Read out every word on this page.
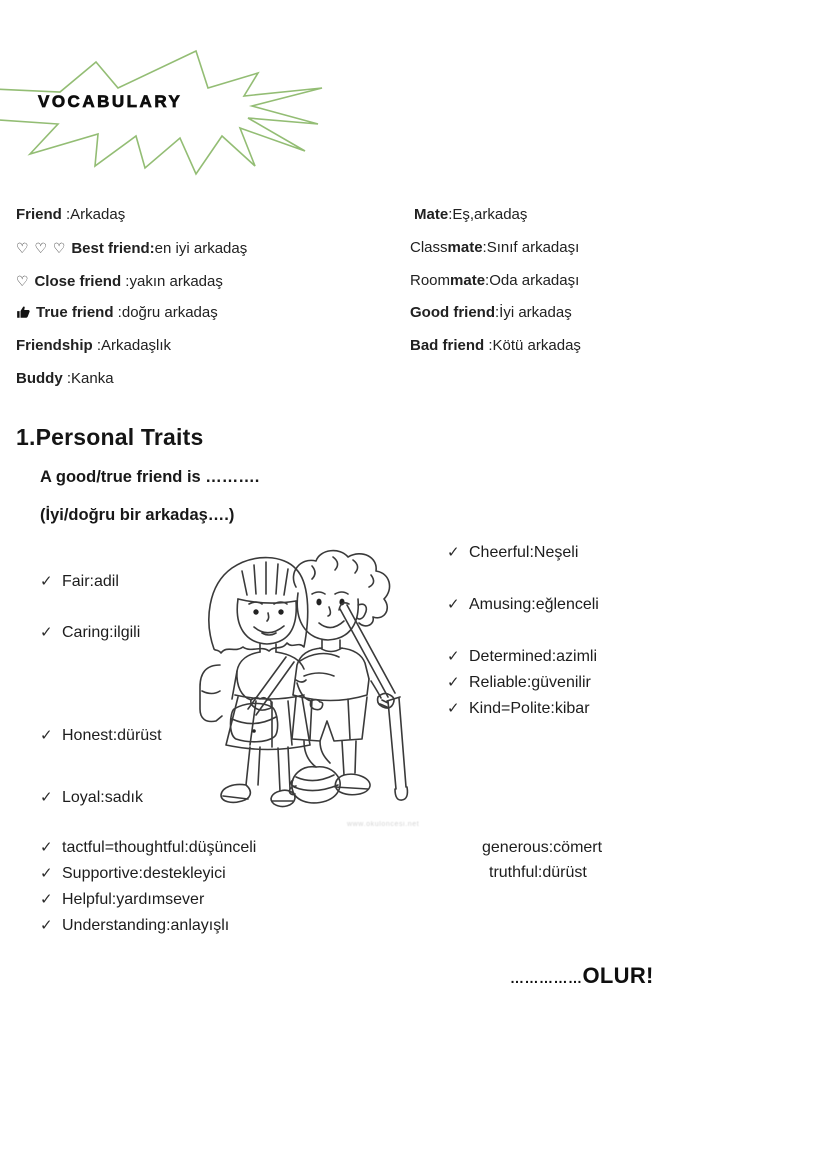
VOCABULARY
Friend :Arkadaş
♡ ♡ ♡ Best friend:en iyi arkadaş
♡ Close friend :yakın arkadaş
True friend :doğru arkadaş
Friendship :Arkadaşlık
Buddy :Kanka
Mate:Eş,arkadaş
Classmate:Sınıf arkadaşı
Roommate:Oda arkadaşı
Good friend:İyi arkadaş
Bad friend :Kötü arkadaş
1.Personal Traits
A good/true friend is ……….
(İyi/doğru bir arkadaş….)
✓ Fair:adil
✓ Caring:ilgili
✓ Honest:dürüst
✓ Loyal:sadık
✓ Cheerful:Neşeli
✓ Amusing:eğlenceli
✓ Determined:azimli
✓ Reliable:güvenilir
✓ Kind=Polite:kibar
✓ tactful=thoughtful:düşünceli
✓ Supportive:destekleyici
✓ Helpful:yardımsever
✓ Understanding:anlayışlı
generous:cömert
truthful:dürüst
…………… OLUR!
www.okuloncesi.net
